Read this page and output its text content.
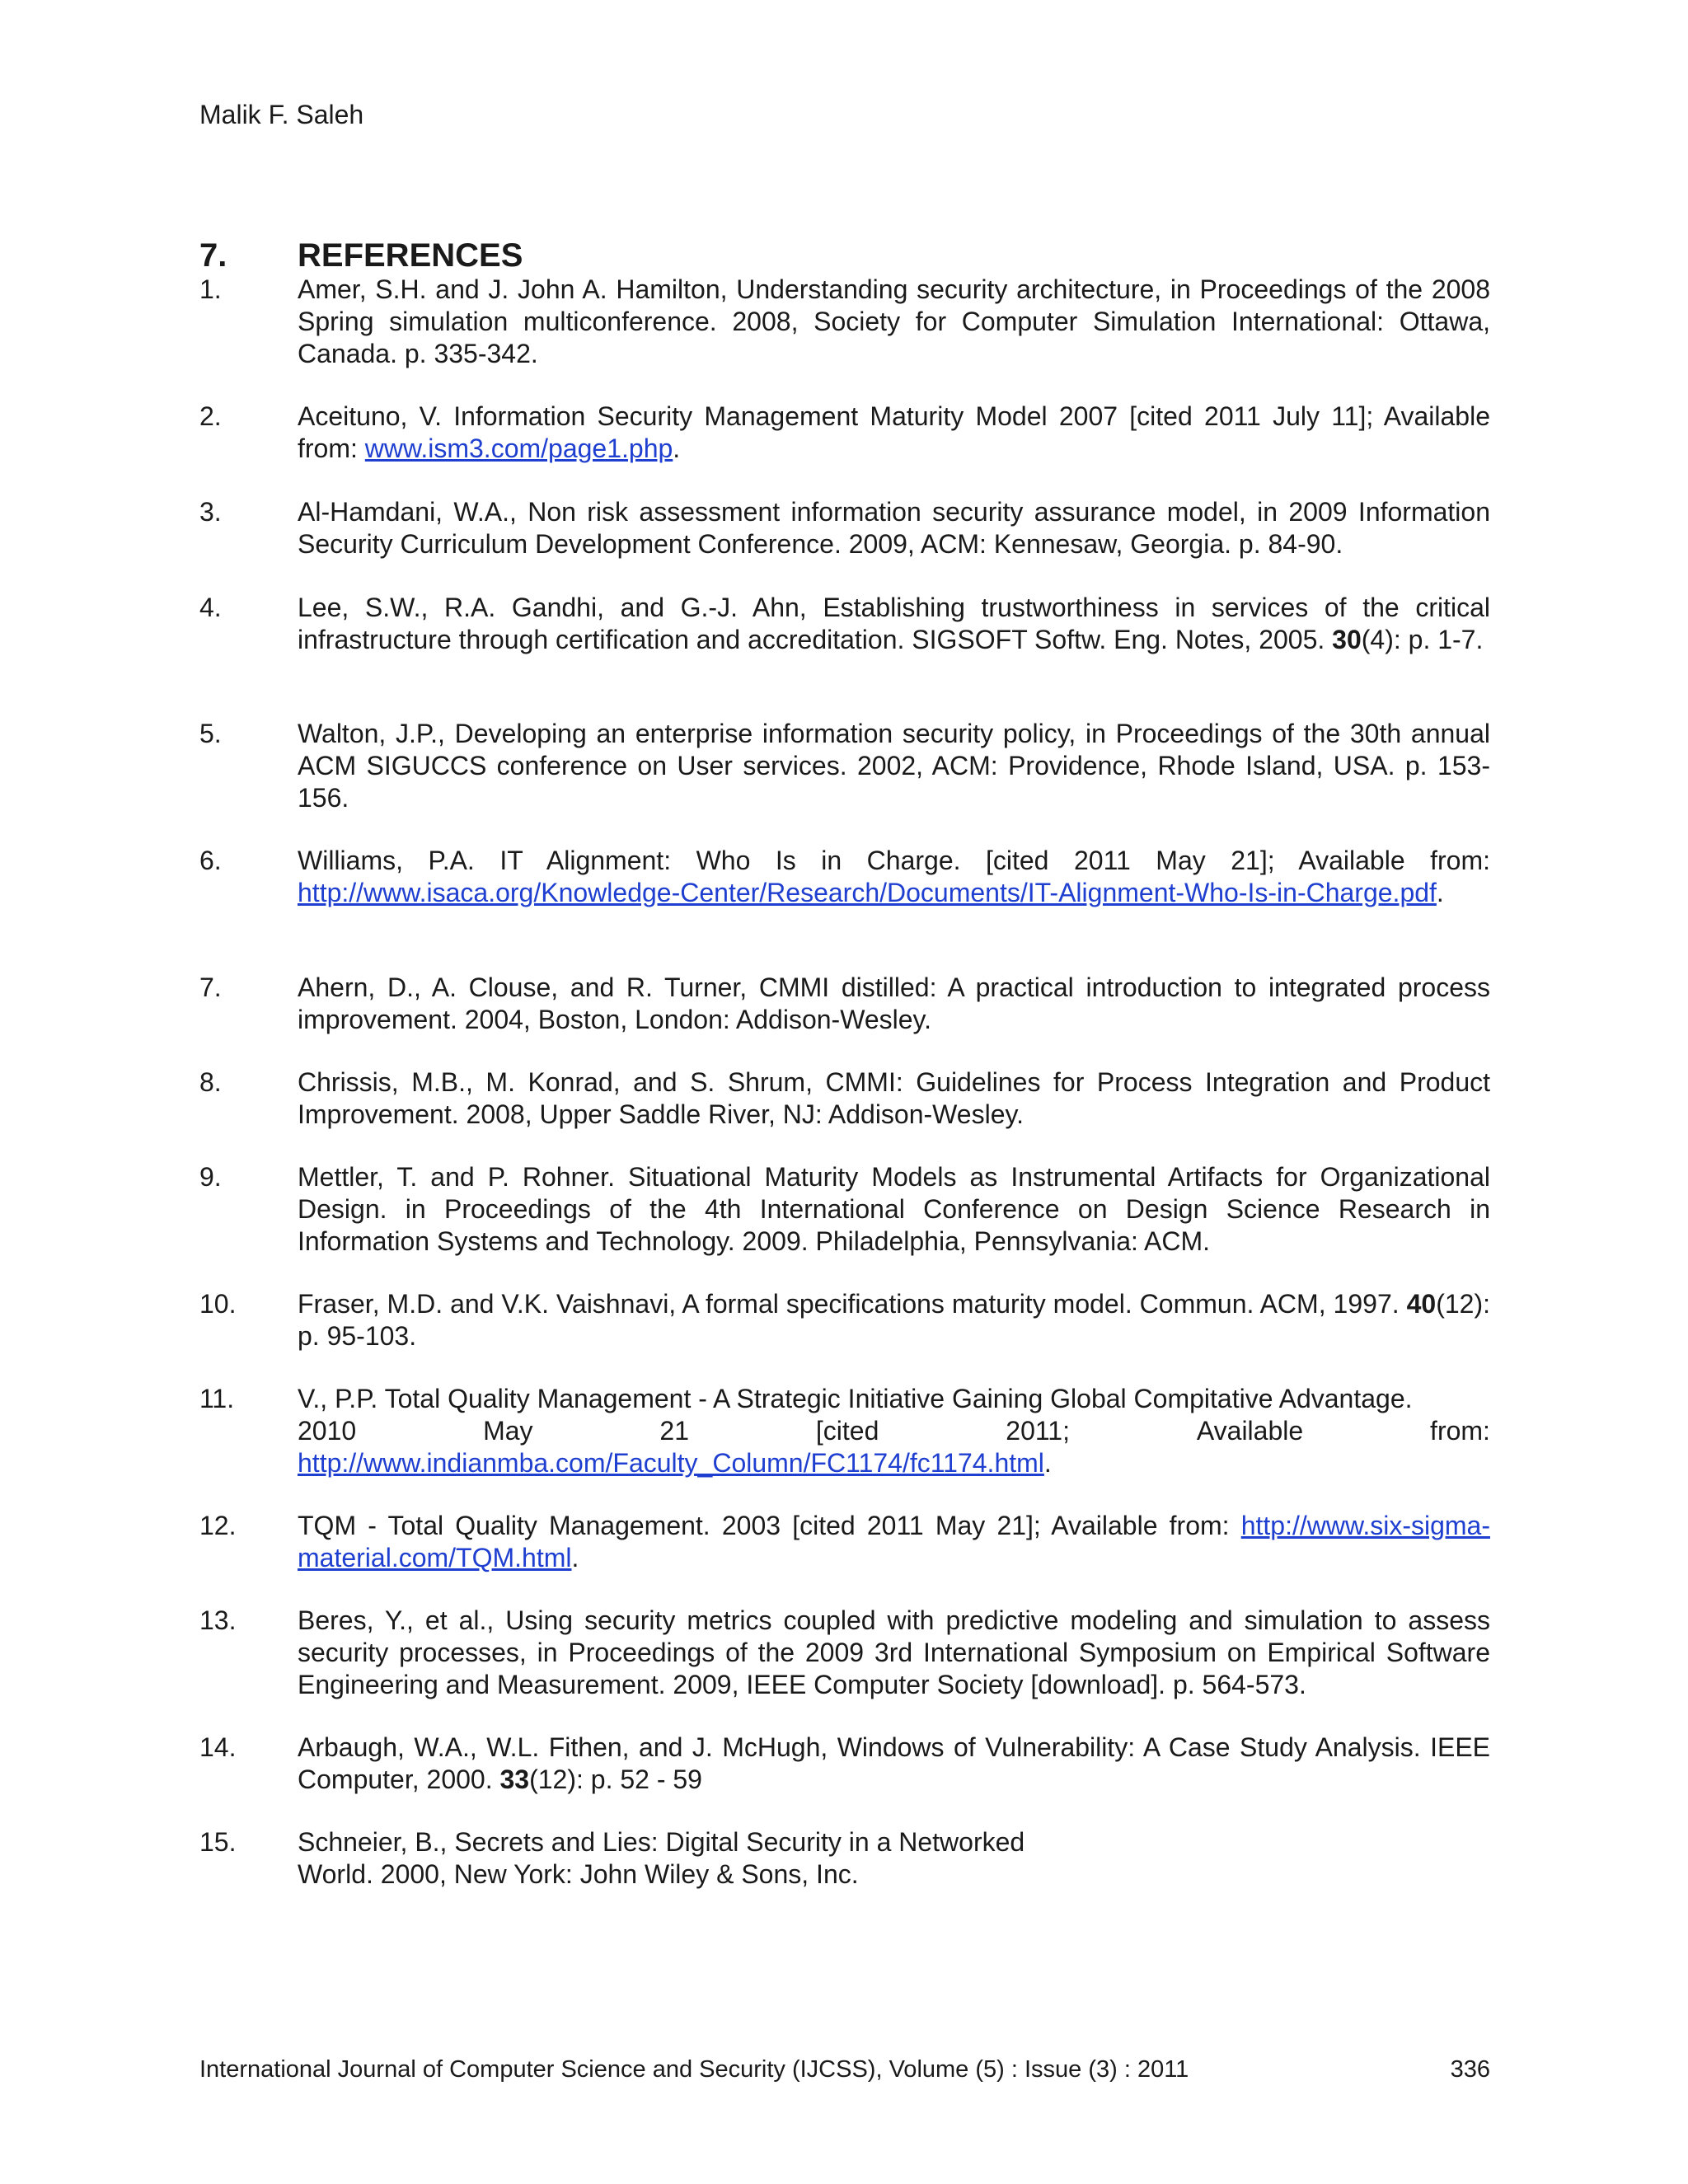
Malik F. Saleh
7. REFERENCES
1.	Amer, S.H. and J. John A. Hamilton, Understanding security architecture, in Proceedings of the 2008 Spring simulation multiconference. 2008, Society for Computer Simulation International: Ottawa, Canada. p. 335-342.
2.	Aceituno, V. Information Security Management Maturity Model 2007 [cited 2011 July 11]; Available from: www.ism3.com/page1.php.
3.	Al-Hamdani, W.A., Non risk assessment information security assurance model, in 2009 Information Security Curriculum Development Conference. 2009, ACM: Kennesaw, Georgia. p. 84-90.
4.	Lee, S.W., R.A. Gandhi, and G.-J. Ahn, Establishing trustworthiness in services of the critical infrastructure through certification and accreditation. SIGSOFT Softw. Eng. Notes, 2005. 30(4): p. 1-7.
5.	Walton, J.P., Developing an enterprise information security policy, in Proceedings of the 30th annual ACM SIGUCCS conference on User services. 2002, ACM: Providence, Rhode Island, USA. p. 153-156.
6.	Williams, P.A. IT Alignment: Who Is in Charge. [cited 2011 May 21]; Available from: http://www.isaca.org/Knowledge-Center/Research/Documents/IT-Alignment-Who-Is-in-Charge.pdf.
7.	Ahern, D., A. Clouse, and R. Turner, CMMI distilled: A practical introduction to integrated process improvement. 2004, Boston, London: Addison-Wesley.
8.	Chrissis, M.B., M. Konrad, and S. Shrum, CMMI: Guidelines for Process Integration and Product Improvement. 2008, Upper Saddle River, NJ: Addison-Wesley.
9.	Mettler, T. and P. Rohner. Situational Maturity Models as Instrumental Artifacts for Organizational Design. in Proceedings of the 4th International Conference on Design Science Research in Information Systems and Technology. 2009. Philadelphia, Pennsylvania: ACM.
10. Fraser, M.D. and V.K. Vaishnavi, A formal specifications maturity model. Commun. ACM, 1997. 40(12): p. 95-103.
11. V., P.P. Total Quality Management - A Strategic Initiative Gaining Global Compitative Advantage.
2010	May	21	[cited	2011;	Available	from:
http://www.indianmba.com/Faculty_Column/FC1174/fc1174.html.
12. TQM - Total Quality Management. 2003 [cited 2011 May 21]; Available from: http://www.six-sigma-material.com/TQM.html.
13. Beres, Y., et al., Using security metrics coupled with predictive modeling and simulation to assess security processes, in Proceedings of the 2009 3rd International Symposium on Empirical Software Engineering and Measurement. 2009, IEEE Computer Society [download]. p. 564-573.
14. Arbaugh, W.A., W.L. Fithen, and J. McHugh, Windows of Vulnerability: A Case Study Analysis. IEEE Computer, 2000. 33(12): p. 52 - 59
15. Schneier, B., Secrets and Lies: Digital Security in a Networked
World. 2000, New York: John Wiley & Sons, Inc.
International Journal of Computer Science and Security (IJCSS), Volume (5) : Issue (3) : 2011	336
